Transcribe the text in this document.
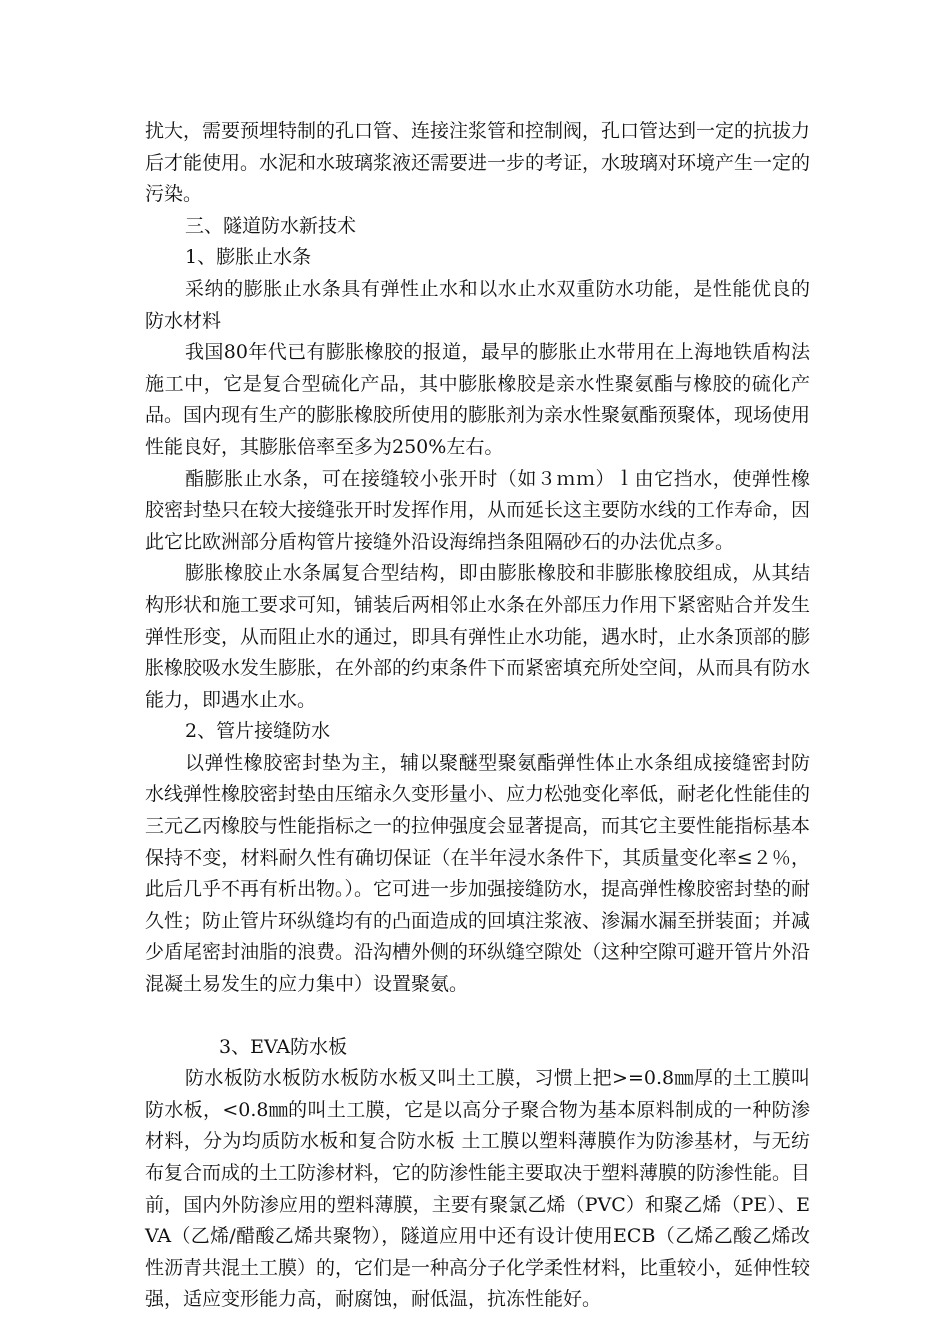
扰大，需要预埋特制的孔口管、连接注浆管和控制阀，孔口管达到一定的抗拔力后才能使用。水泥和水玻璃浆液还需要进一步的考证，水玻璃对环境产生一定的污染。

三、隧道防水新技术

1、膨胀止水条

采纳的膨胀止水条具有弹性止水和以水止水双重防水功能，是性能优良的防水材料

我国80年代已有膨胀橡胶的报道，最早的膨胀止水带用在上海地铁盾构法施工中，它是复合型硫化产品，其中膨胀橡胶是亲水性聚氨酯与橡胶的硫化产品。国内现有生产的膨胀橡胶所使用的膨胀剂为亲水性聚氨酯预聚体，现场使用性能良好，其膨胀倍率至多为250%左右。

酯膨胀止水条，可在接缝较小张开时（如３ｍｍ）ｌ由它挡水，使弹性橡胶密封垫只在较大接缝张开时发挥作用，从而延长这主要防水线的工作寿命，因此它比欧洲部分盾构管片接缝外沿设海绵挡条阻隔砂石的办法优点多。

膨胀橡胶止水条属复合型结构，即由膨胀橡胶和非膨胀橡胶组成，从其结构形状和施工要求可知，铺装后两相邻止水条在外部压力作用下紧密贴合并发生弹性形变，从而阻止水的通过，即具有弹性止水功能，遇水时，止水条顶部的膨胀橡胶吸水发生膨胀，在外部的约束条件下而紧密填充所处空间，从而具有防水能力，即遇水止水。

2、管片接缝防水

以弹性橡胶密封垫为主，辅以聚醚型聚氨酯弹性体止水条组成接缝密封防水线弹性橡胶密封垫由压缩永久变形量小、应力松弛变化率低，耐老化性能佳的三元乙丙橡胶与性能指标之一的拉伸强度会显著提高，而其它主要性能指标基本保持不变，材料耐久性有确切保证（在半年浸水条件下，其质量变化率≤２％，此后几乎不再有析出物。）。它可进一步加强接缝防水，提高弹性橡胶密封垫的耐久性；防止管片环纵缝均有的凸面造成的回填注浆液、渗漏水漏至拼装面；并减少盾尾密封油脂的浪费。沿沟槽外侧的环纵缝空隙处（这种空隙可避开管片外沿混凝土易发生的应力集中）设置聚氨。

3、EVA防水板

防水板防水板防水板防水板又叫土工膜，习惯上把>=0.8㎜厚的土工膜叫防水板，<0.8㎜的叫土工膜，它是以高分子聚合物为基本原料制成的一种防渗材料，分为均质防水板和复合防水板 土工膜以塑料薄膜作为防渗基材，与无纺布复合而成的土工防渗材料，它的防渗性能主要取决于塑料薄膜的防渗性能。目前，国内外防渗应用的塑料薄膜，主要有聚氯乙烯（PVC）和聚乙烯（PE）、EVA（乙烯/醋酸乙烯共聚物），隧道应用中还有设计使用ECB（乙烯乙酸乙烯改性沥青共混土工膜）的，它们是一种高分子化学柔性材料，比重较小，延伸性较强，适应变形能力高，耐腐蚀，耐低温，抗冻性能好。
